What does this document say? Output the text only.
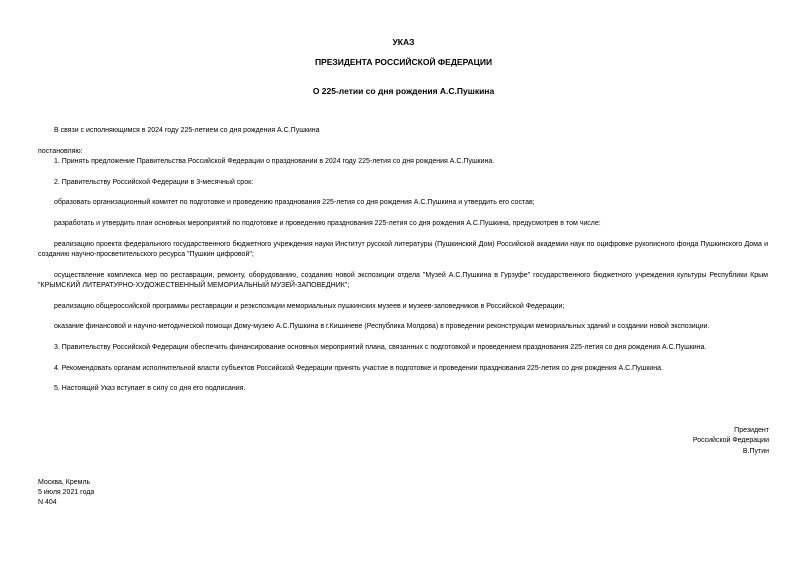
УКАЗ
ПРЕЗИДЕНТА РОССИЙСКОЙ ФЕДЕРАЦИИ
О 225-летии со дня рождения А.С.Пушкина
В связи с исполняющимся в 2024 году 225-летием со дня рождения А.С.Пушкина
постановляю:
1. Принять предложение Правительства Российской Федерации о праздновании в 2024 году 225-летия со дня рождения А.С.Пушкина.
2. Правительству Российской Федерации в 3-месячный срок:
образовать организационный комитет по подготовке и проведению празднования 225-летия со дня рождения А.С.Пушкина и утвердить его состав;
разработать и утвердить план основных мероприятий по подготовке и проведению празднования 225-летия со дня рождения А.С.Пушкина, предусмотрев в том числе:
реализацию проекта федерального государственного бюджетного учреждения науки Институт русской литературы (Пушкинский Дом) Российской академии наук по оцифровке рукописного фонда Пушкинского Дома и созданию научно-просветительского ресурса "Пушкин цифровой";
осуществление комплекса мер по реставрации, ремонту, оборудованию, созданию новой экспозиции отдела "Музей А.С.Пушкина в Гурзуфе" государственного бюджетного учреждения культуры Республики Крым "КРЫМСКИЙ ЛИТЕРАТУРНО-ХУДОЖЕСТВЕННЫЙ МЕМОРИАЛЬНЫЙ МУЗЕЙ-ЗАПОВЕДНИК";
реализацию общероссийской программы реставрации и реэкспозиции мемориальных пушкинских музеев и музеев-заповедников в Российской Федерации;
оказание финансовой и научно-методической помощи Дому-музею А.С.Пушкина в г.Кишиневе (Республика Молдова) в проведении реконструкции мемориальных зданий и создании новой экспозиции.
3. Правительству Российской Федерации обеспечить финансирование основных мероприятий плана, связанных с подготовкой и проведением празднования 225-летия со дня рождения А.С.Пушкина.
4. Рекомендовать органам исполнительной власти субъектов Российской Федерации принять участие в подготовке и проведении празднования 225-летия со дня рождения А.С.Пушкина.
5. Настоящий Указ вступает в силу со дня его подписания.
Президент
Российской Федерации
В.Путин
Москва, Кремль
5 июля 2021 года
N 404
